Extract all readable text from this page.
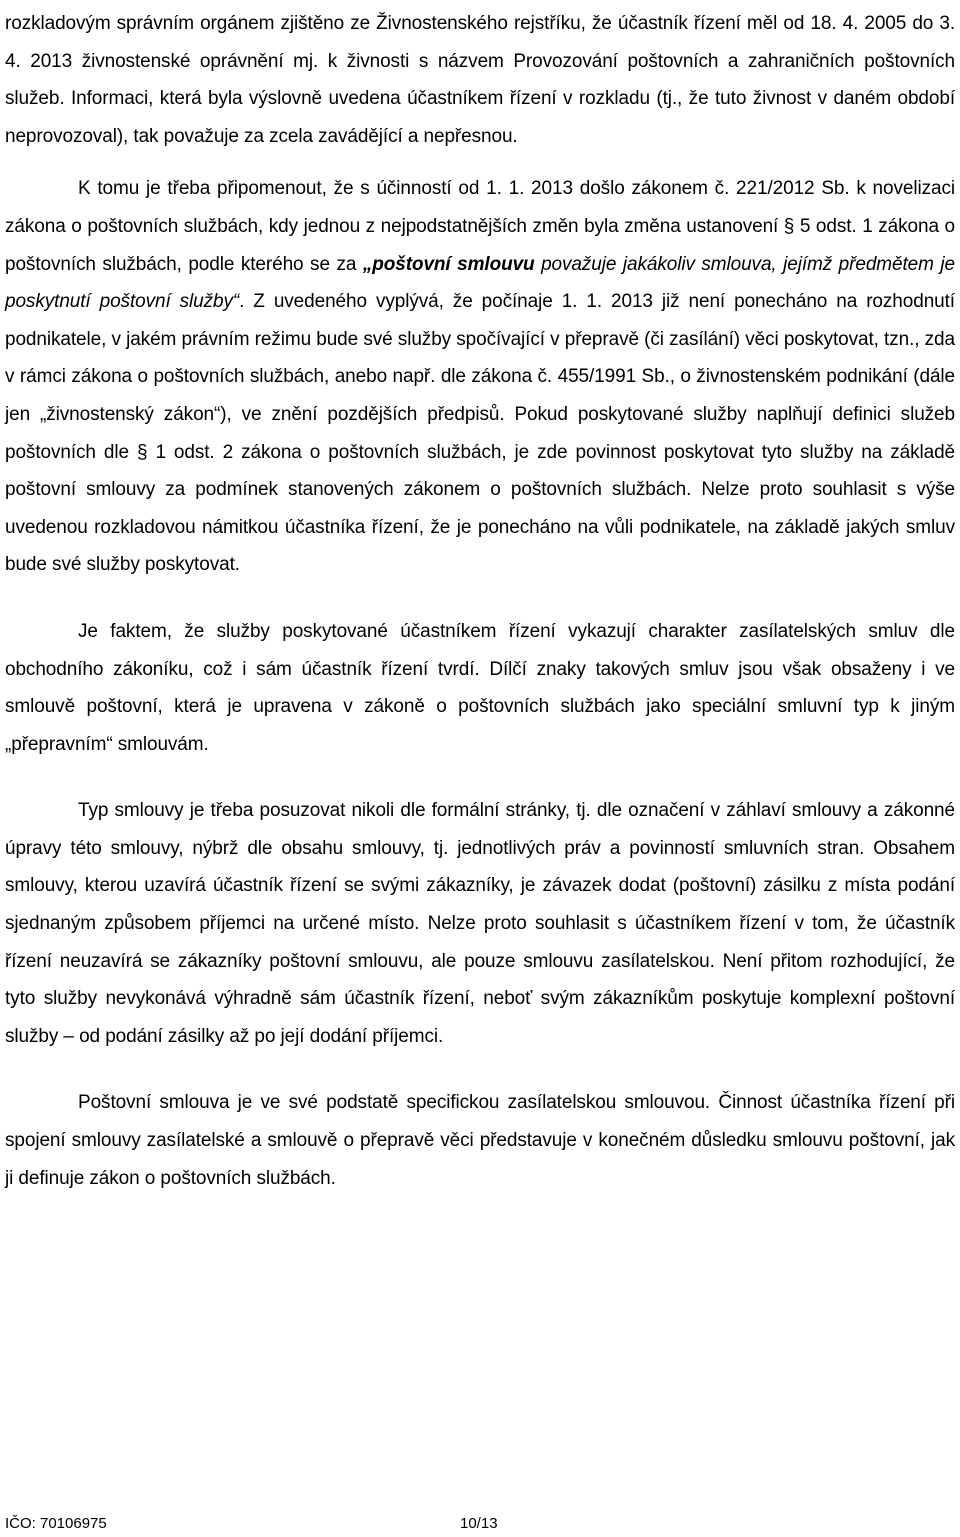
rozkladovým správním orgánem zjištěno ze Živnostenského rejstříku, že účastník řízení měl od 18. 4. 2005 do 3. 4. 2013 živnostenské oprávnění mj. k živnosti s názvem Provozování poštovních a zahraničních poštovních služeb. Informaci, která byla výslovně uvedena účastníkem řízení v rozkladu (tj., že tuto živnost v daném období neprovozoval), tak považuje za zcela zavádějící a nepřesnou.

K tomu je třeba připomenout, že s účinností od 1. 1. 2013 došlo zákonem č. 221/2012 Sb. k novelizaci zákona o poštovních službách, kdy jednou z nejpodstatnějších změn byla změna ustanovení § 5 odst. 1 zákona o poštovních službách, podle kterého se za „poštovní smlouvu považuje jakákoliv smlouva, jejímž předmětem je poskytnutí poštovní služby“. Z uvedeného vyplývá, že počínaje 1. 1. 2013 již není ponecháno na rozhodnutí podnikatele, v jakém právním režimu bude své služby spočívající v přepravě (či zasílání) věci poskytovat, tzn., zda v rámci zákona o poštovních službách, anebo např. dle zákona č. 455/1991 Sb., o živnostenském podnikání (dále jen „živnostenský zákon“), ve znění pozdějších předpisů. Pokud poskytované služby naplňují definici služeb poštovních dle § 1 odst. 2 zákona o poštovních službách, je zde povinnost poskytovat tyto služby na základě poštovní smlouvy za podmínek stanovených zákonem o poštovních službách. Nelze proto souhlasit s výše uvedenou rozkladovou námitkou účastníka řízení, že je ponecháno na vůli podnikatele, na základě jakých smluv bude své služby poskytovat.

Je faktem, že služby poskytované účastníkem řízení vykazují charakter zasílatelských smluv dle obchodního zákoníku, což i sám účastník řízení tvrdí. Dílčí znaky takových smluv jsou však obsaženy i ve smlouvě poštovní, která je upravena v zákoně o poštovních službách jako speciální smluvní typ k jiným „přepravním“ smlouvám.

Typ smlouvy je třeba posuzovat nikoli dle formální stránky, tj. dle označení v záhlaví smlouvy a zákonné úpravy této smlouvy, nýbrž dle obsahu smlouvy, tj. jednotlivých práv a povinností smluvních stran. Obsahem smlouvy, kterou uzavírá účastník řízení se svými zákazníky, je závazek dodat (poštovní) zásilku z místa podání sjednaným způsobem příjemci na určené místo. Nelze proto souhlasit s účastníkem řízení v tom, že účastník řízení neuzavírá se zákazníky poštovní smlouvu, ale pouze smlouvu zasílatelskou. Není přitom rozhodující, že tyto služby nevykonává výhradně sám účastník řízení, neboť svým zákazníkům poskytuje komplexní poštovní služby – od podání zásilky až po její dodání příjemci.

Poštovní smlouva je ve své podstatě specifickou zasílatelskou smlouvou. Činnost účastníka řízení při spojení smlouvy zasílatelské a smlouvě o přepravě věci představuje v konečném důsledku smlouvu poštovní, jak ji definuje zákon o poštovních službách.

IČO: 70106975	10/13
